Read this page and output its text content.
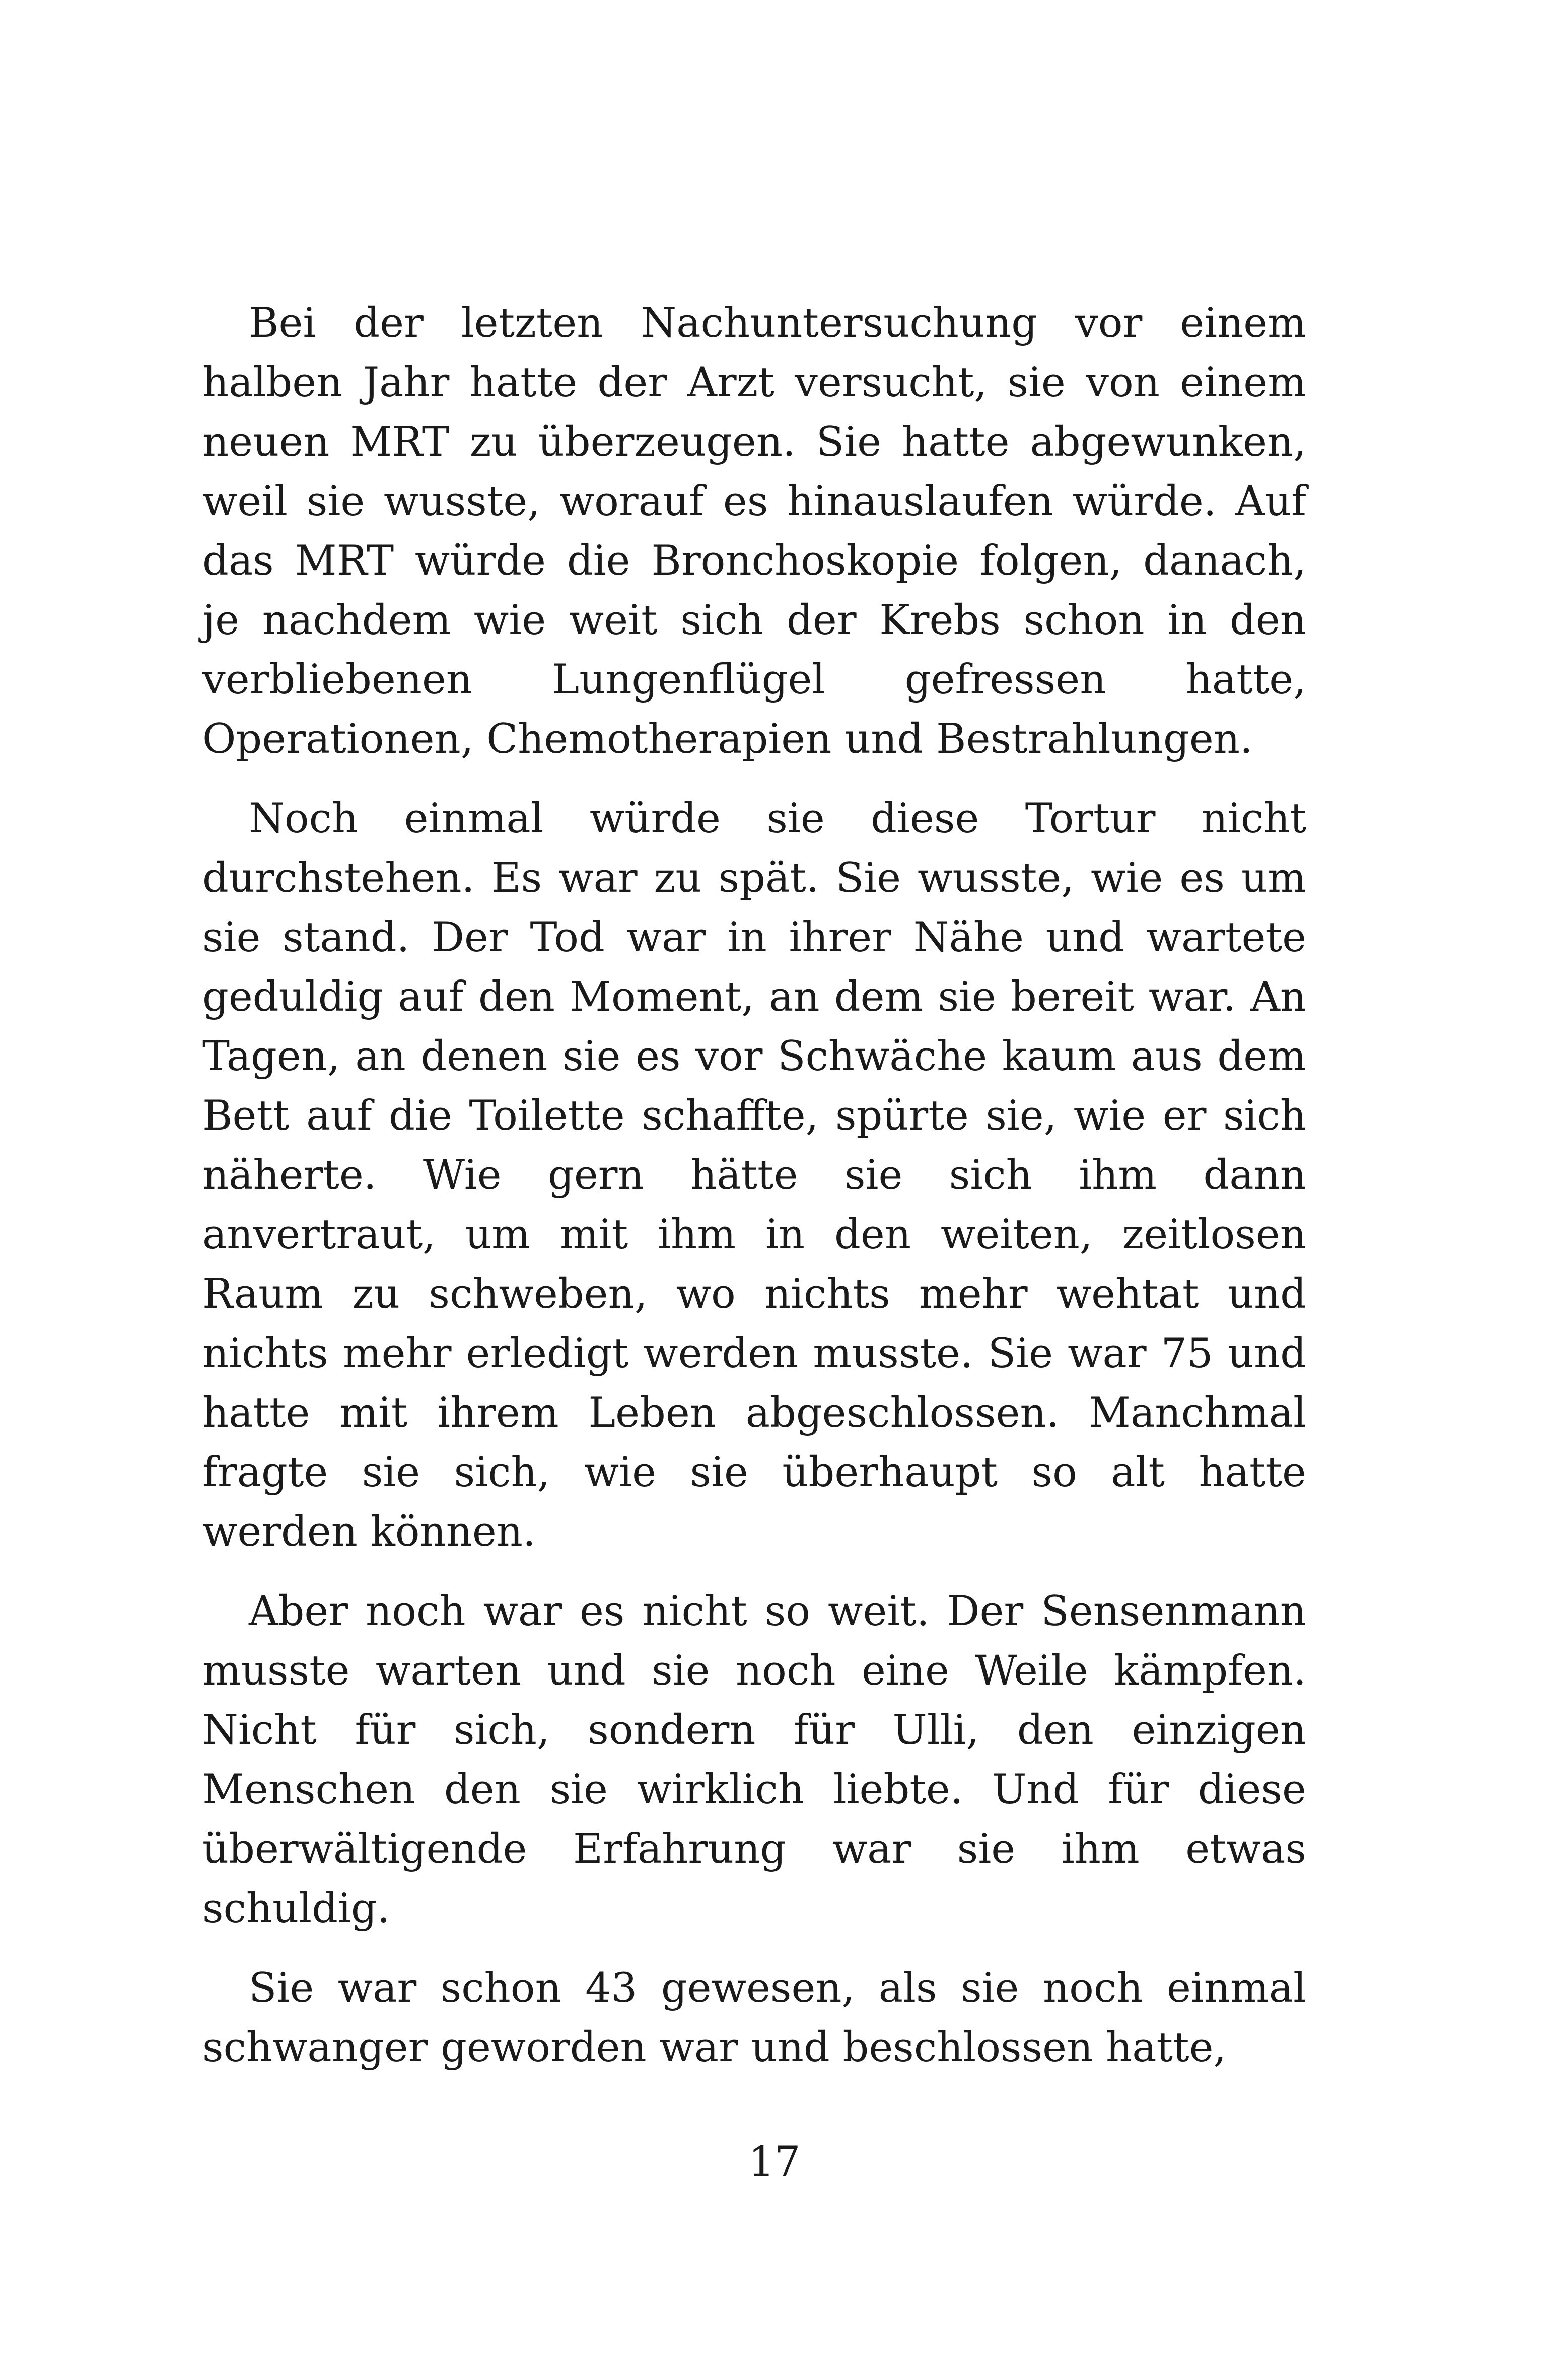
Bei der letzten Nachuntersuchung vor einem halben Jahr hatte der Arzt versucht, sie von einem neuen MRT zu überzeugen. Sie hatte abgewunken, weil sie wusste, worauf es hinauslaufen würde. Auf das MRT würde die Bronchoskopie folgen, danach, je nachdem wie weit sich der Krebs schon in den verbliebenen Lungenflügel gefressen hatte, Operationen, Chemotherapien und Bestrahlungen.

Noch einmal würde sie diese Tortur nicht durchstehen. Es war zu spät. Sie wusste, wie es um sie stand. Der Tod war in ihrer Nähe und wartete geduldig auf den Moment, an dem sie bereit war. An Tagen, an denen sie es vor Schwäche kaum aus dem Bett auf die Toilette schaffte, spürte sie, wie er sich näherte. Wie gern hätte sie sich ihm dann anvertraut, um mit ihm in den weiten, zeitlosen Raum zu schweben, wo nichts mehr wehtat und nichts mehr erledigt werden musste. Sie war 75 und hatte mit ihrem Leben abgeschlossen. Manchmal fragte sie sich, wie sie überhaupt so alt hatte werden können.

Aber noch war es nicht so weit. Der Sensenmann musste warten und sie noch eine Weile kämpfen. Nicht für sich, sondern für Ulli, den einzigen Menschen den sie wirklich liebte. Und für diese überwältigende Erfahrung war sie ihm etwas schuldig.

Sie war schon 43 gewesen, als sie noch einmal schwanger geworden war und beschlossen hatte,

17
